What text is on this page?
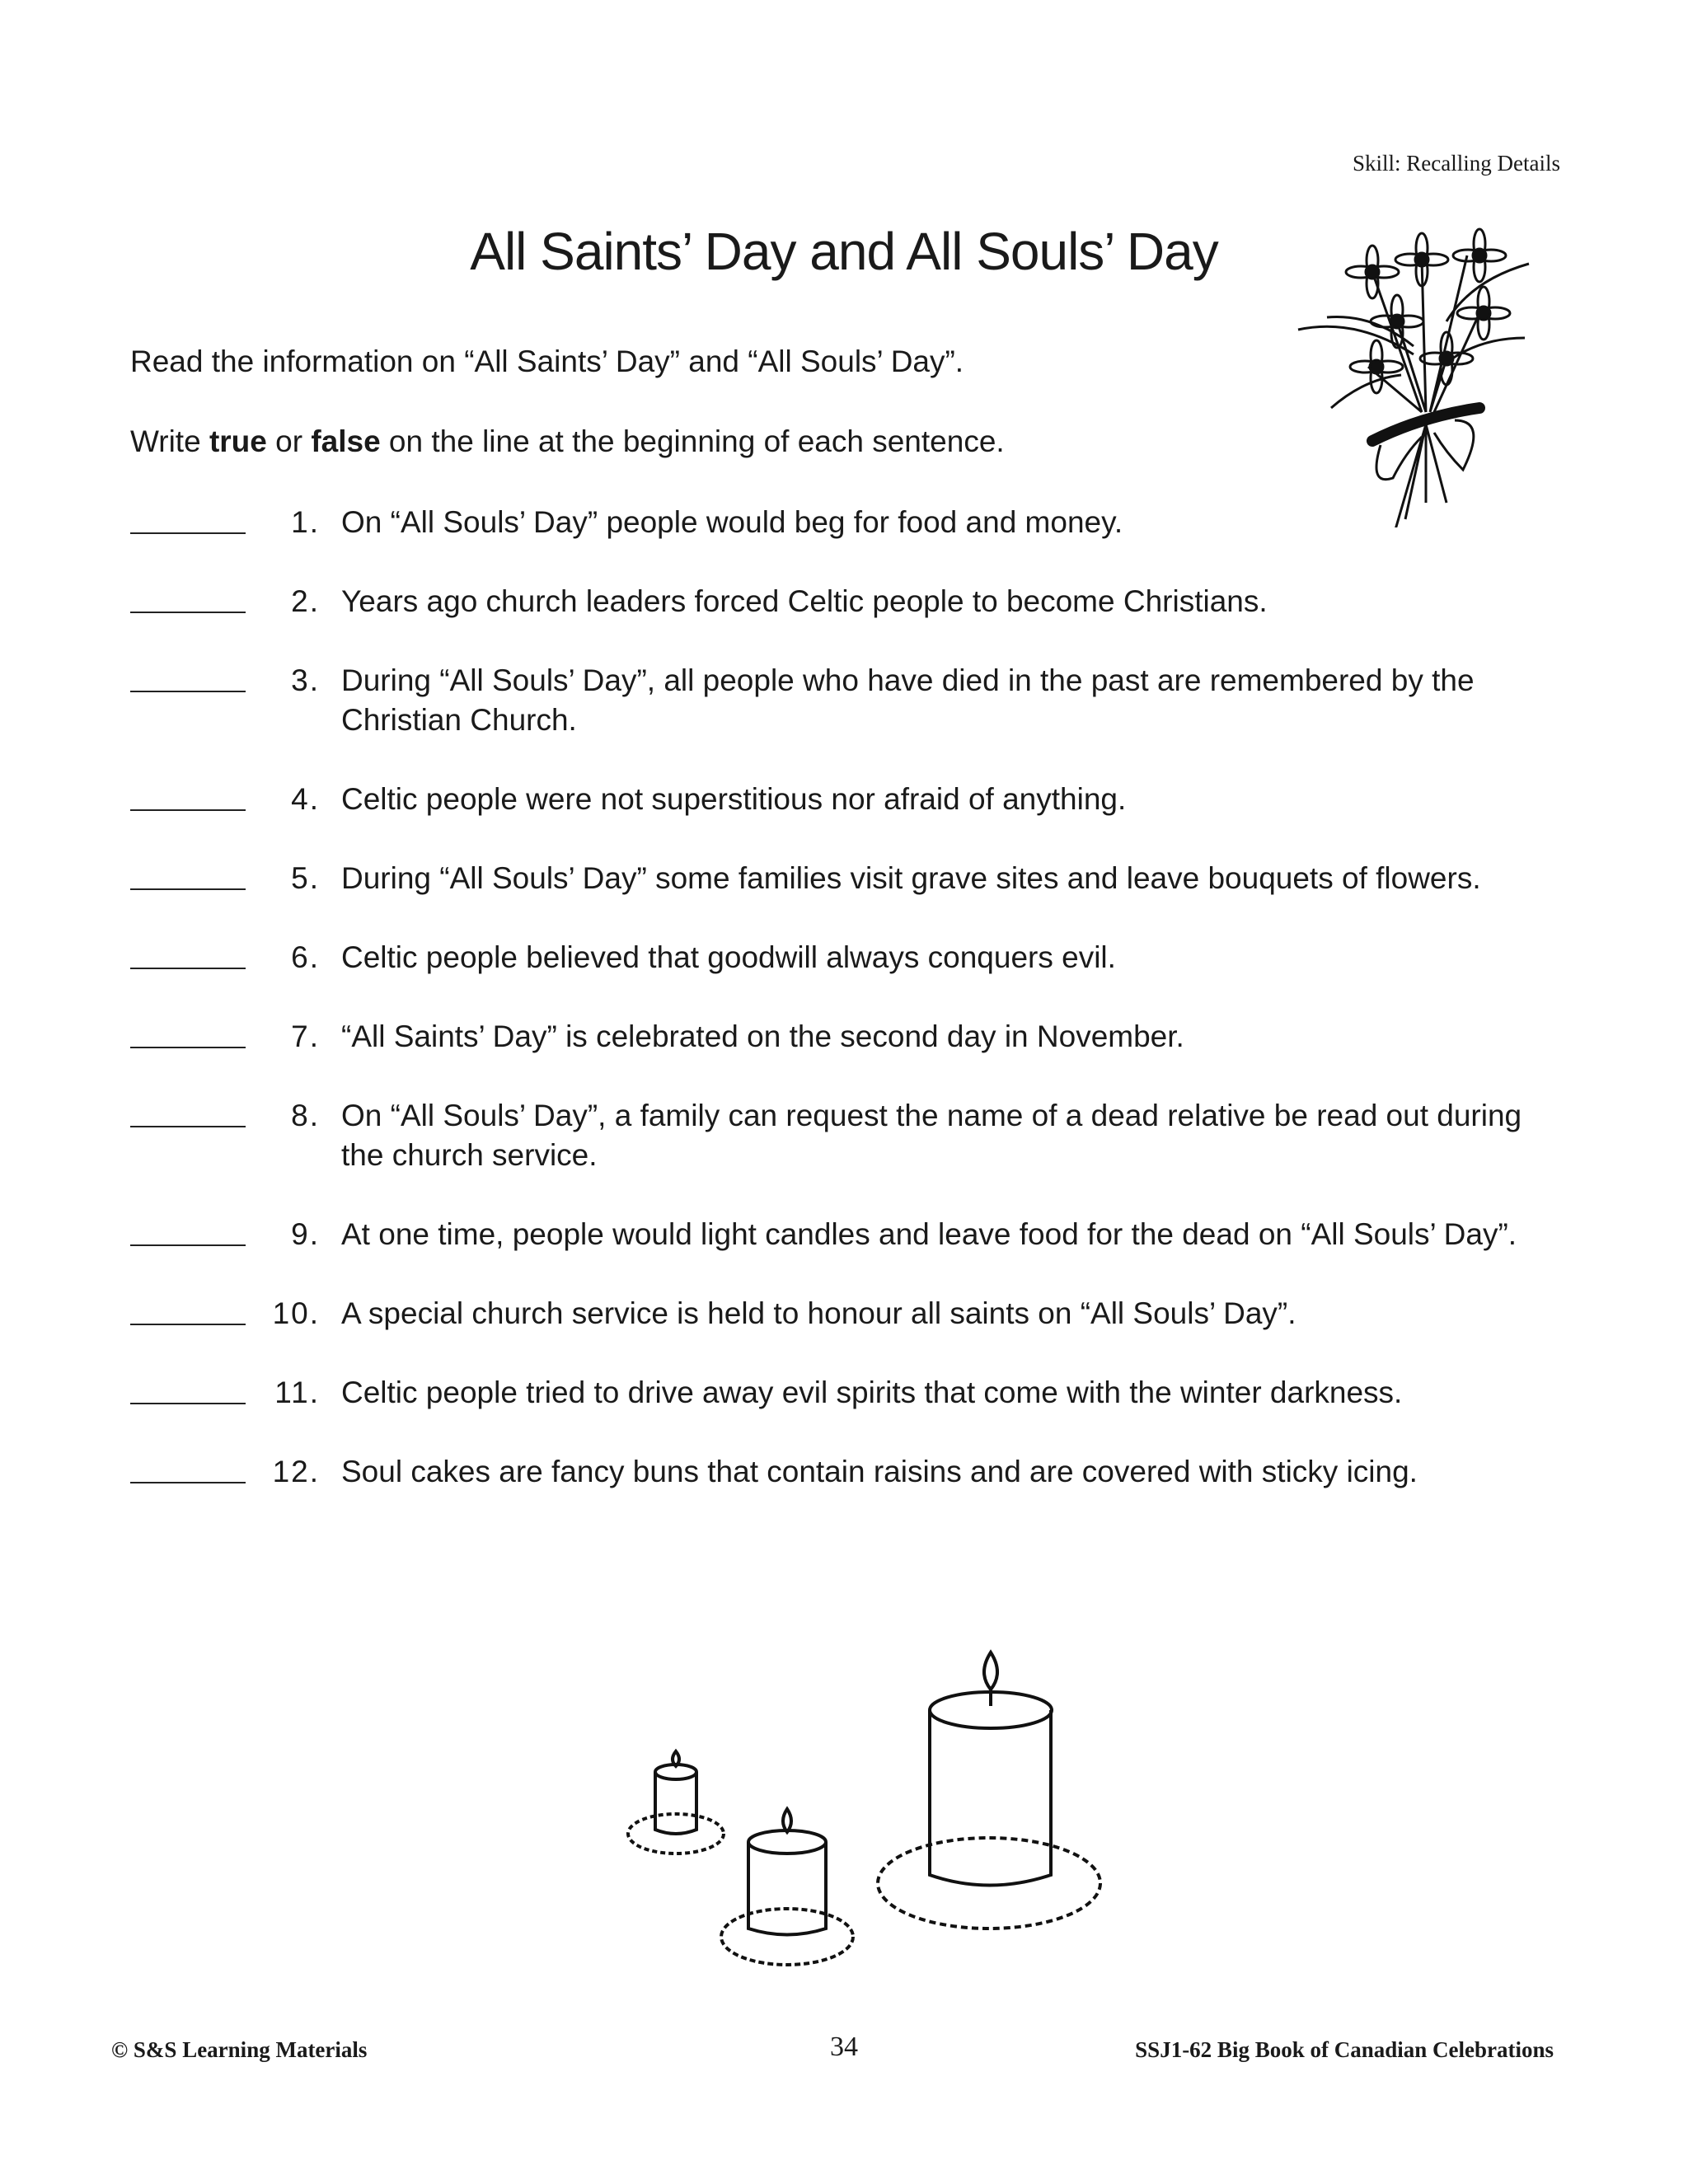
Skill: Recalling Details
All Saints’ Day and All Souls’ Day
Read the information on “All Saints’ Day” and “All Souls’ Day”.
Write true or false on the line at the beginning of each sentence.
1. On “All Souls’ Day” people would beg for food and money.
2. Years ago church leaders forced Celtic people to become Christians.
3. During “All Souls’ Day”, all people who have died in the past are remembered by the Christian Church.
4. Celtic people were not superstitious nor afraid of anything.
5. During “All Souls’ Day” some families visit grave sites and leave bouquets of flowers.
6. Celtic people believed that goodwill always conquers evil.
7. “All Saints’ Day” is celebrated on the second day in November.
8. On “All Souls’ Day”, a family can request the name of a dead relative be read out during the church service.
9. At one time, people would light candles and leave food for the dead on “All Souls’ Day”.
10. A special church service is held to honour all saints on “All Souls’ Day”.
11. Celtic people tried to drive away evil spirits that come with the winter darkness.
12. Soul cakes are fancy buns that contain raisins and are covered with sticky icing.
© S&S Learning Materials	34	SSJ1-62 Big Book of Canadian Celebrations
